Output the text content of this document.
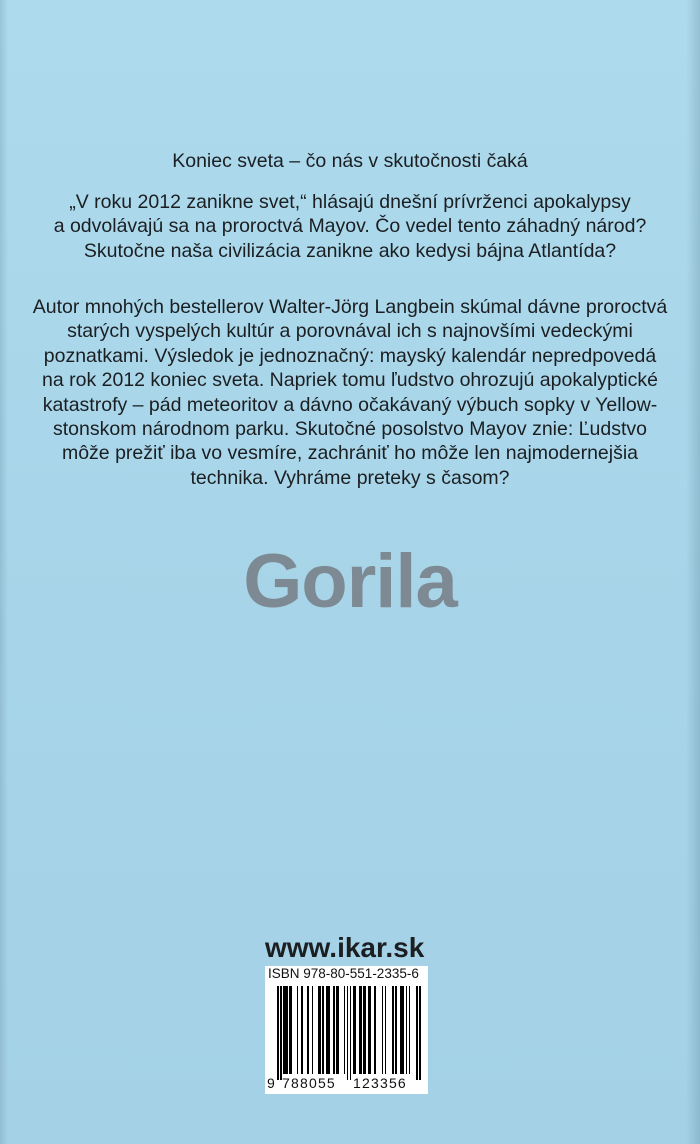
Koniec sveta – čo nás v skutočnosti čaká
„V roku 2012 zanikne svet,“ hlásajú dnešní prívrženci apokalypsy
a odvolávajú sa na proroctvá Mayov. Čo vedel tento záhadný národ?
Skutočne naša civilizácia zanikne ako kedysi bájna Atlantída?
Autor mnohých bestellerov Walter-Jörg Langbein skúmal dávne proroctvá
starých vyspelých kultúr a porovnával ich s najnovšími vedeckými
poznatkami. Výsledok je jednoznačný: mayský kalendár nepredpovedá
na rok 2012 koniec sveta. Napriek tomu ľudstvo ohrozujú apokalyptické
katastrofy – pád meteoritov a dávno očakávaný výbuch sopky v Yellow-
stonskom národnom parku. Skutočné posolstvo Mayov znie: Ľudstvo
môže prežiť iba vo vesmíre, zachrániť ho môže len najmodernejšia
technika. Vyhráme preteky s časom?
Gorila
www.ikar.sk
ISBN 978-80-551-2335-6
9 788055 123356
